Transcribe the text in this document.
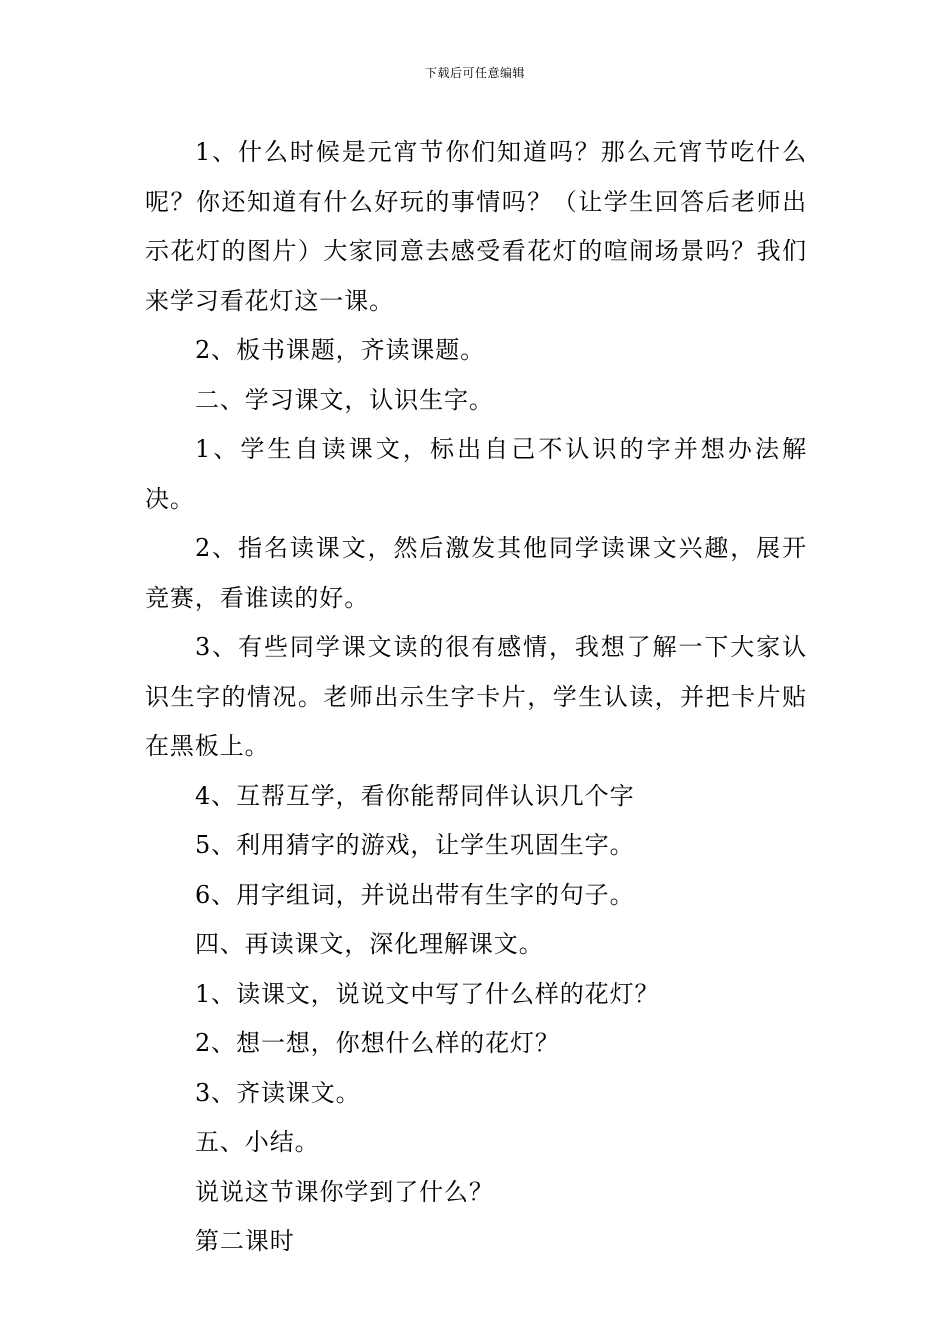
下载后可任意编辑

1、什么时候是元宵节你们知道吗？那么元宵节吃什么呢？你还知道有什么好玩的事情吗？（让学生回答后老师出示花灯的图片）大家同意去感受看花灯的喧闹场景吗？我们来学习看花灯这一课。

2、板书课题，齐读课题。

二、学习课文，认识生字。

1、学生自读课文，标出自己不认识的字并想办法解决。

2、指名读课文，然后激发其他同学读课文兴趣，展开竞赛，看谁读的好。

3、有些同学课文读的很有感情，我想了解一下大家认识生字的情况。老师出示生字卡片，学生认读，并把卡片贴在黑板上。

4、互帮互学，看你能帮同伴认识几个字

5、利用猜字的游戏，让学生巩固生字。

6、用字组词，并说出带有生字的句子。

四、再读课文，深化理解课文。

1、读课文，说说文中写了什么样的花灯？

2、想一想，你想什么样的花灯？

3、齐读课文。

五、小结。

说说这节课你学到了什么？

第二课时
